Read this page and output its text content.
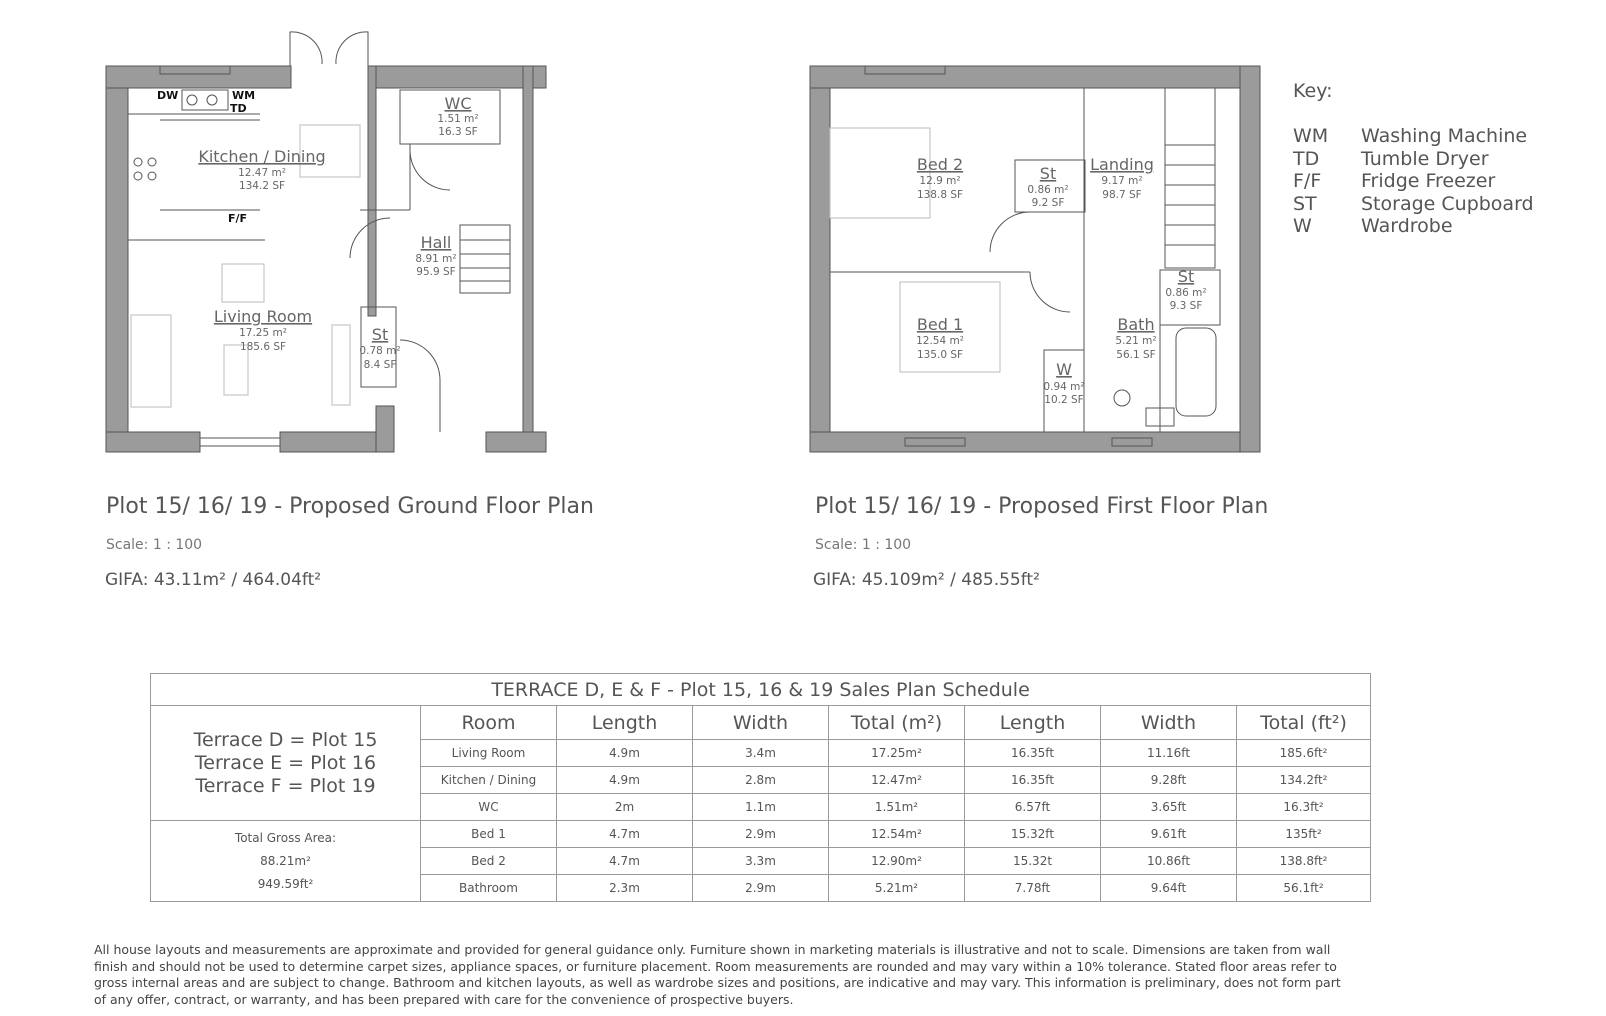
DW	WM
TD
F/F
Kitchen / Dining
12.47 m²
134.2 SF
WC
1.51 m²
16.3 SF
Hall
8.91 m²
95.9 SF
Living Room
17.25 m²
185.6 SF
St
0.78 m²
8.4 SF
Bed 2
12.9 m²
138.8 SF
St
0.86 m²
9.2 SF
Landing
9.17 m²
98.7 SF
St
0.86 m²
9.3 SF
Bed 1
12.54 m²
135.0 SF
Bath
5.21 m²
56.1 SF
W
0.94 m²
10.2 SF
Plot 15/ 16/ 19 - Proposed Ground Floor Plan
Scale: 1 : 100
GIFA: 43.11m² / 464.04ft²
Plot 15/ 16/ 19 - Proposed First Floor Plan
Scale: 1 : 100
GIFA: 45.109m² / 485.55ft²
Key:
WM Washing Machine
TD Tumble Dryer
F/F Fridge Freezer
ST Storage Cupboard
W	Wardrobe
TERRACE D, E & F - Plot 15, 16 & 19 Sales Plan Schedule							

Terrace D = Plot 15
Terrace E = Plot 16
Terrace F = Plot 19	Room	Length	Width	Total (m²)	Length	Width	Total (ft²)
	Living Room	4.9m	3.4m	17.25m²	16.35ft	11.16ft	185.6ft²
	Kitchen / Dining	4.9m	2.8m	12.47m²	16.35ft	9.28ft	134.2ft²
	WC	2m	1.1m	1.51m²	6.57ft	3.65ft	16.3ft²

Total Gross Area:
88.21m²
949.59ft²	Bed 1	4.7m	2.9m	12.54m²	15.32ft	9.61ft	135ft²
	Bed 2	4.7m	3.3m	12.90m²	15.32t	10.86ft	138.8ft²
	Bathroom	2.3m	2.9m	5.21m²	7.78ft	9.64ft	56.1ft²
All house layouts and measurements are approximate and provided for general guidance only. Furniture shown in marketing materials is illustrative and not to scale. Dimensions are taken from wall finish and should not be used to determine carpet sizes, appliance spaces, or furniture placement. Room measurements are rounded and may vary within a 10% tolerance. Stated floor areas refer to gross internal areas and are subject to change. Bathroom and kitchen layouts, as well as wardrobe sizes and positions, are indicative and may vary. This information is preliminary, does not form part of any offer, contract, or warranty, and has been prepared with care for the convenience of prospective buyers.
